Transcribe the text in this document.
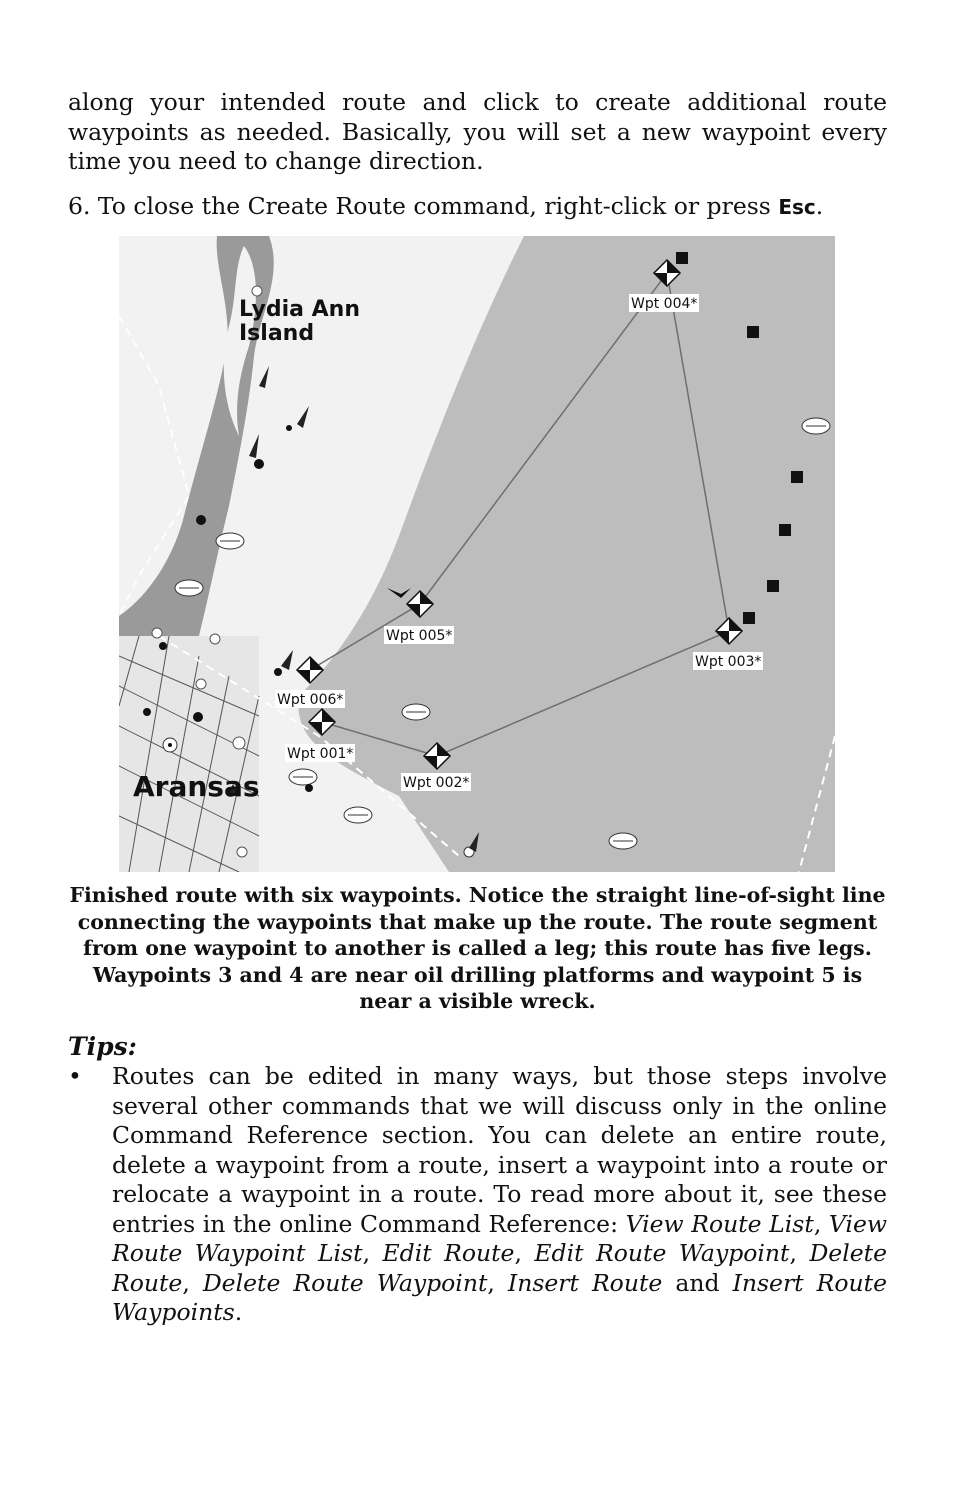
along your intended route and click to create additional route waypoints as needed. Basically, you will set a new waypoint every time you need to change direction.

6. To close the Create Route command, right-click or press Esc.
Lydia Ann
Island
Aransas
Wpt 001*
Wpt 002*
Wpt 003*
Wpt 004*
Wpt 005*
Wpt 006*
Finished route with six waypoints. Notice the straight line-of-sight line connecting the waypoints that make up the route. The route segment from one waypoint to another is called a leg; this route has five legs. Waypoints 3 and 4 are near oil drilling platforms and waypoint 5 is near a visible wreck.
Tips:
• Routes can be edited in many ways, but those steps involve several other commands that we will discuss only in the online Command Reference section. You can delete an entire route, delete a waypoint from a route, insert a waypoint into a route or relocate a waypoint in a route. To read more about it, see these entries in the online Command Reference: View Route List, View Route Waypoint List, Edit Route, Edit Route Waypoint, Delete Route, Delete Route Waypoint, Insert Route and Insert Route Waypoints.
